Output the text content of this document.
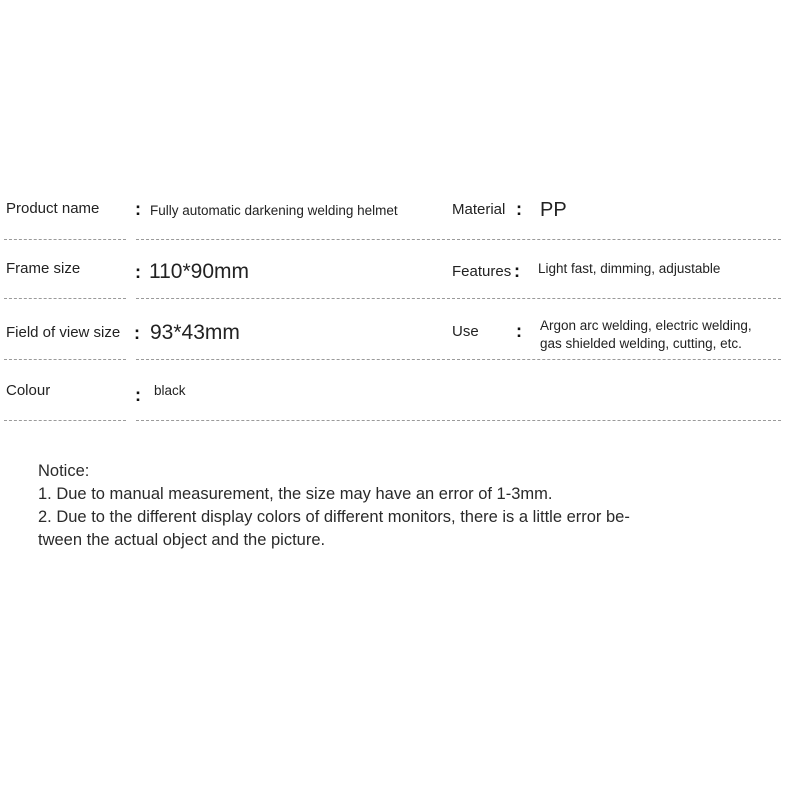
Product name : Fully automatic darkening welding helmet	Material : PP
Frame size	: 110*90mm	Features : Light fast, dimming, adjustable
Field of view size : 93*43mm	Use : Argon arc welding, electric welding,
gas shielded welding, cutting, etc.
Colour	: black
Notice:
1. Due to manual measurement, the size may have an error of 1-3mm.
2. Due to the different display colors of different monitors, there is a little error be-
tween the actual object and the picture.
